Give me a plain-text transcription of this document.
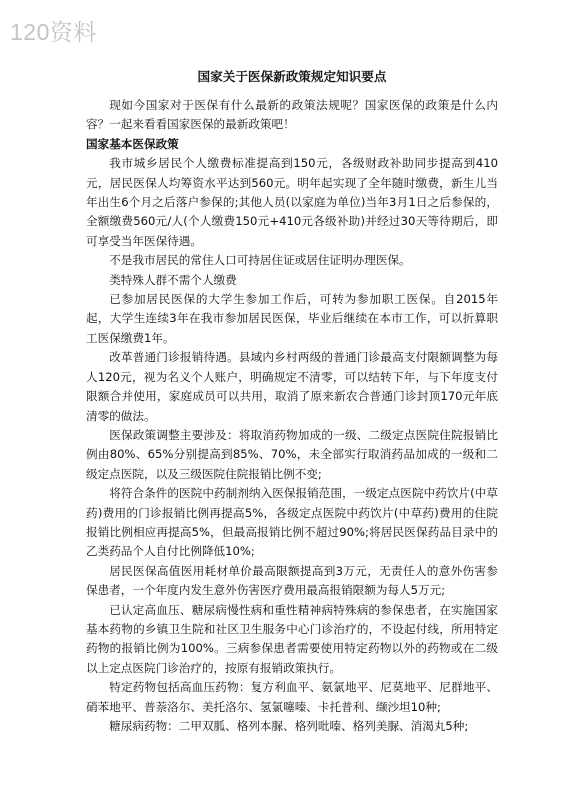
120资料
国家关于医保新政策规定知识要点

现如今国家对于医保有什么最新的政策法规呢？国家医保的政策是什么内容？一起来看看国家医保的最新政策吧！

国家基本医保政策

我市城乡居民个人缴费标准提高到150元，各级财政补助同步提高到410元，居民医保人均筹资水平达到560元。明年起实现了全年随时缴费，新生儿当年出生6个月之后落户参保的;其他人员(以家庭为单位)当年3月1日之后参保的，全额缴费560元/人(个人缴费150元+410元各级补助)并经过30天等待期后，即可享受当年医保待遇。

不是我市居民的常住人口可持居住证或居住证明办理医保。

类特殊人群不需个人缴费

已参加居民医保的大学生参加工作后，可转为参加职工医保。自2015年起，大学生连续3年在我市参加居民医保，毕业后继续在本市工作，可以折算职工医保缴费1年。

改革普通门诊报销待遇。县域内乡村两级的普通门诊最高支付限额调整为每人120元，视为名义个人账户，明确规定不清零，可以结转下年，与下年度支付限额合并使用，家庭成员可以共用，取消了原来新农合普通门诊封顶170元年底清零的做法。

医保政策调整主要涉及：将取消药物加成的一级、二级定点医院住院报销比例由80%、65%分别提高到85%、70%，未全部实行取消药品加成的一级和二级定点医院，以及三级医院住院报销比例不变;

将符合条件的医院中药制剂纳入医保报销范围，一级定点医院中药饮片(中草药)费用的门诊报销比例再提高5%，各级定点医院中药饮片(中草药)费用的住院报销比例相应再提高5%，但最高报销比例不超过90%;将居民医保药品目录中的乙类药品个人自付比例降低10%;

居民医保高值医用耗材单价最高限额提高到3万元，无责任人的意外伤害参保患者，一个年度内发生意外伤害医疗费用最高报销限额为每人5万元;

已认定高血压、糖尿病慢性病和重性精神病特殊病的参保患者，在实施国家基本药物的乡镇卫生院和社区卫生服务中心门诊治疗的，不设起付线，所用特定药物的报销比例为100%。三病参保患者需要使用特定药物以外的药物或在二级以上定点医院门诊治疗的，按原有报销政策执行。

特定药物包括高血压药物：复方利血平、氨氯地平、尼莫地平、尼群地平、硝苯地平、普萘洛尔、美托洛尔、氢氯噻嗪、卡托普利、缬沙坦10种;

糖尿病药物：二甲双胍、格列本脲、格列吡嗪、格列美脲、消渴丸5种;
